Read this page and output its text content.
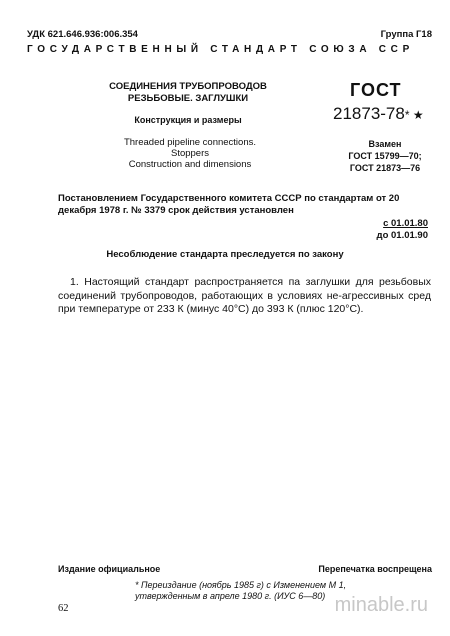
УДК 621.646.936:006.354	Группа Г18
ГОСУДАРСТВЕННЫЙ СТАНДАРТ СОЮЗА ССР
СОЕДИНЕНИЯ ТРУБОПРОВОДОВ РЕЗЬБОВЫЕ. ЗАГЛУШКИ
Конструкция и размеры
Threaded pipeline connections.
Stoppers
Construction and dimensions
ГОСТ
21873-78* ★
Взамен
ГОСТ 15799—70;
ГОСТ 21873—76
Постановлением Государственного комитета СССР по стандартам от 20 декабря 1978 г. № 3379 срок действия установлен
с 01.01.80
до 01.01.90
Несоблюдение стандарта преследуется по закону
1. Настоящий стандарт распространяется па заглушки для резьбовых соединений трубопроводов, работающих в условиях не-агрессивных сред при температуре от 233 К (минус 40°С) до 393 К (плюс 120°С).
Издание официальное	Перепечатка воспрещена
* Переиздание (ноябрь 1985 г) с Изменением М 1,
утвержденным в апреле 1980 г. (ИУС 6—80) minable.ru
62
